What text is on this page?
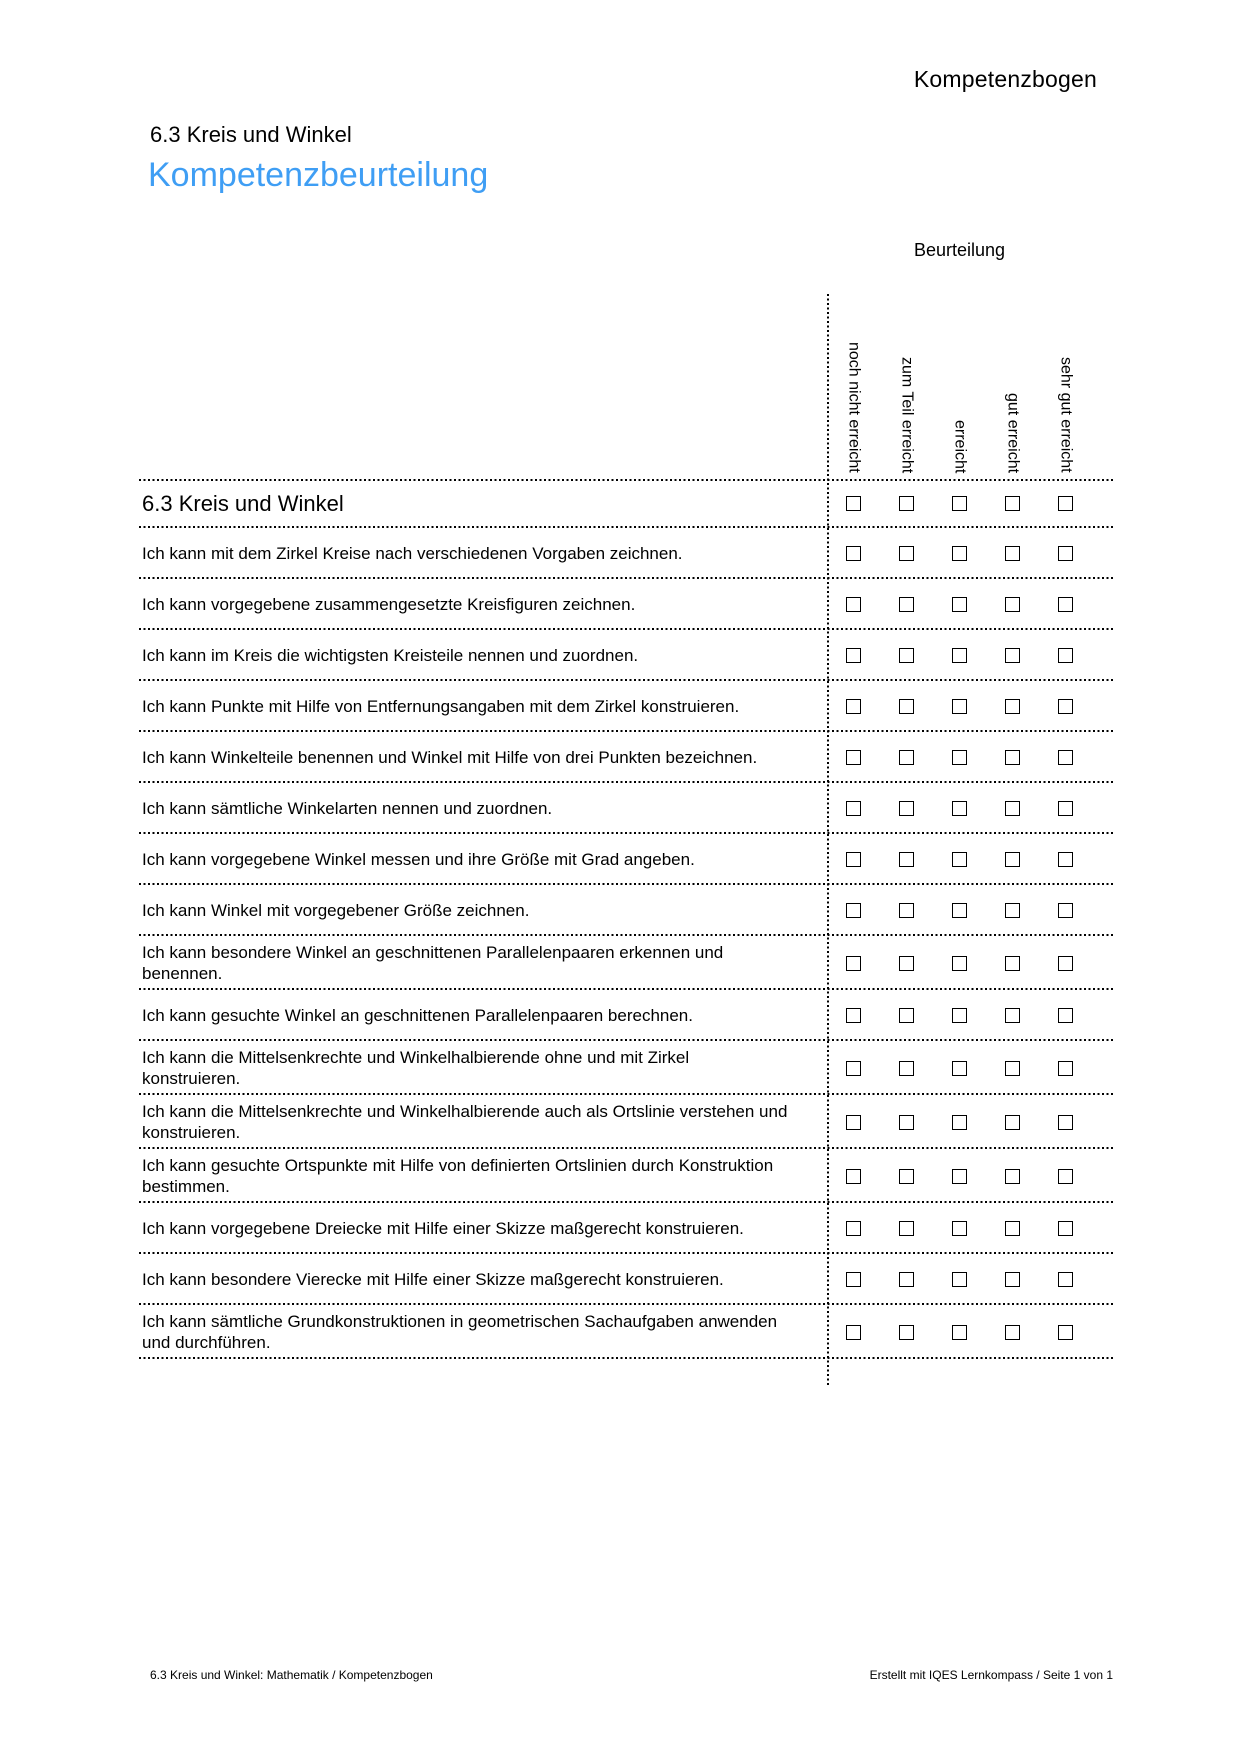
Kompetenzbogen
6.3 Kreis und Winkel
Kompetenzbeurteilung
Beurteilung
noch nicht erreicht zum Teil erreicht erreicht gut erreicht sehr gut erreicht
6.3 Kreis und Winkel
Ich kann mit dem Zirkel Kreise nach verschiedenen Vorgaben zeichnen.
Ich kann vorgegebene zusammengesetzte Kreisfiguren zeichnen.
Ich kann im Kreis die wichtigsten Kreisteile nennen und zuordnen.
Ich kann Punkte mit Hilfe von Entfernungsangaben mit dem Zirkel konstruieren.
Ich kann Winkelteile benennen und Winkel mit Hilfe von drei Punkten bezeichnen.
Ich kann sämtliche Winkelarten nennen und zuordnen.
Ich kann vorgegebene Winkel messen und ihre Größe mit Grad angeben.
Ich kann Winkel mit vorgegebener Größe zeichnen.
Ich kann besondere Winkel an geschnittenen Parallelenpaaren erkennen und benennen.
Ich kann gesuchte Winkel an geschnittenen Parallelenpaaren berechnen.
Ich kann die Mittelsenkrechte und Winkelhalbierende ohne und mit Zirkel konstruieren.
Ich kann die Mittelsenkrechte und Winkelhalbierende auch als Ortslinie verstehen und konstruieren.
Ich kann gesuchte Ortspunkte mit Hilfe von definierten Ortslinien durch Konstruktion bestimmen.
Ich kann vorgegebene Dreiecke mit Hilfe einer Skizze maßgerecht konstruieren.
Ich kann besondere Vierecke mit Hilfe einer Skizze maßgerecht konstruieren.
Ich kann sämtliche Grundkonstruktionen in geometrischen Sachaufgaben anwenden und durchführen.
6.3 Kreis und Winkel: Mathematik / Kompetenzbogen	Erstellt mit IQES Lernkompass / Seite 1 von 1
